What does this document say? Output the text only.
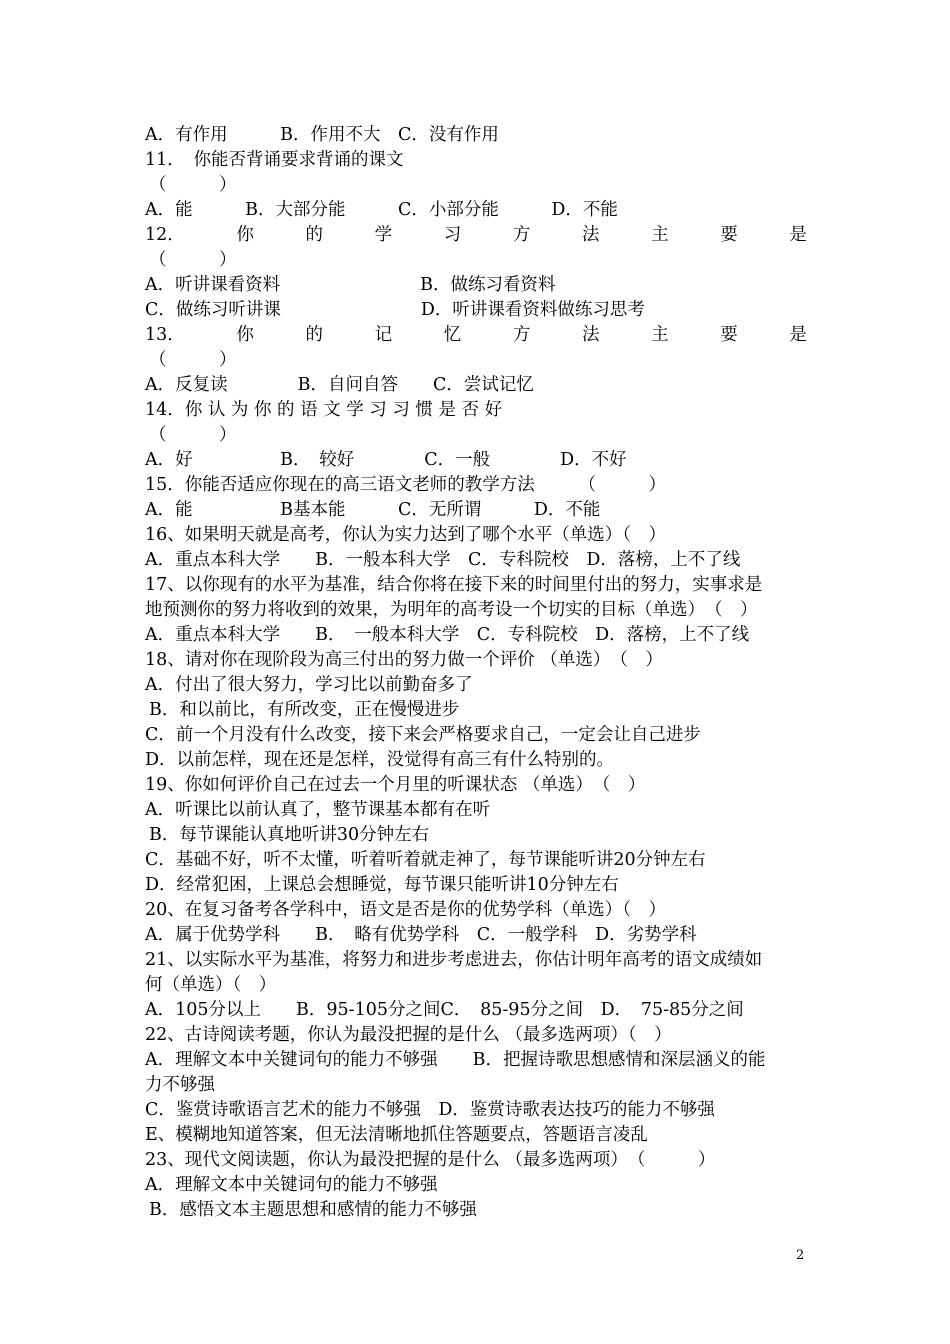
A．有作用　　　B．作用不大　C．没有作用
11．　你能否背诵要求背诵的课文
（　　　）
A．能　　　B．大部分能　　　C．小部分能　　　D．不能
12．	你	的	学	习	方	法	主	要	是
（　　　）
A．听讲课看资料　　　　　　　　B．做练习看资料
C．做练习听讲课　　　　　　　　D．听讲课看资料做练习思考
13．	你	的	记	忆	方	法	主	要	是
（　　　）
A．反复读　　　　B．自问自答　　C．尝试记忆
14．你 认 为 你 的 语 文 学 习 习 惯 是 否 好
（　　　）
A．好　　　　　B．　较好　　　　C．一般　　　　D．不好
15．你能否适应你现在的高三语文老师的教学方法　　　（　　　）
A．能　　　　　B基本能　　　C．无所谓　　　D．不能
16、如果明天就是高考，你认为实力达到了哪个水平（单选）（　）
A．重点本科大学　　B．一般本科大学　C．专科院校　D．落榜，上不了线
17、以你现有的水平为基准，结合你将在接下来的时间里付出的努力，实事求是
地预测你的努力将收到的效果，为明年的高考设一个切实的目标（单选）　（　）
A．重点本科大学　　B．　一般本科大学　C．专科院校　D．落榜，上不了线
18、请对你在现阶段为高三付出的努力做一个评价 （单选）　（　）
A．付出了很大努力，学习比以前勤奋多了
B．和以前比，有所改变，正在慢慢进步
C．前一个月没有什么改变，接下来会严格要求自己，一定会让自己进步
D．以前怎样，现在还是怎样，没觉得有高三有什么特别的。
19、你如何评价自己在过去一个月里的听课状态 （单选）　（　）
A．听课比以前认真了，整节课基本都有在听
B．每节课能认真地听讲30分钟左右
C．基础不好，听不太懂，听着听着就走神了，每节课能听讲20分钟左右
D．经常犯困，上课总会想睡觉，每节课只能听讲10分钟左右
20、在复习备考各学科中，语文是否是你的优势学科（单选）（　）
A．属于优势学科　　B．　略有优势学科　C．一般学科　D．劣势学科
21、以实际水平为基准，将努力和进步考虑进去，你估计明年高考的语文成绩如
何（单选）（　）
A．105分以上　　B．95-105分之间C．　85-95分之间　D．　75-85分之间
22、古诗阅读考题，你认为最没把握的是什么 （最多选两项）（　）
A．理解文本中关键词句的能力不够强　　B．把握诗歌思想感情和深层涵义的能
力不够强
C．鉴赏诗歌语言艺术的能力不够强　D．鉴赏诗歌表达技巧的能力不够强
E、模糊地知道答案，但无法清晰地抓住答题要点，答题语言凌乱
23、现代文阅读题，你认为最没把握的是什么 （最多选两项）　（　　　）
A．理解文本中关键词句的能力不够强
B．感悟文本主题思想和感情的能力不够强
2
